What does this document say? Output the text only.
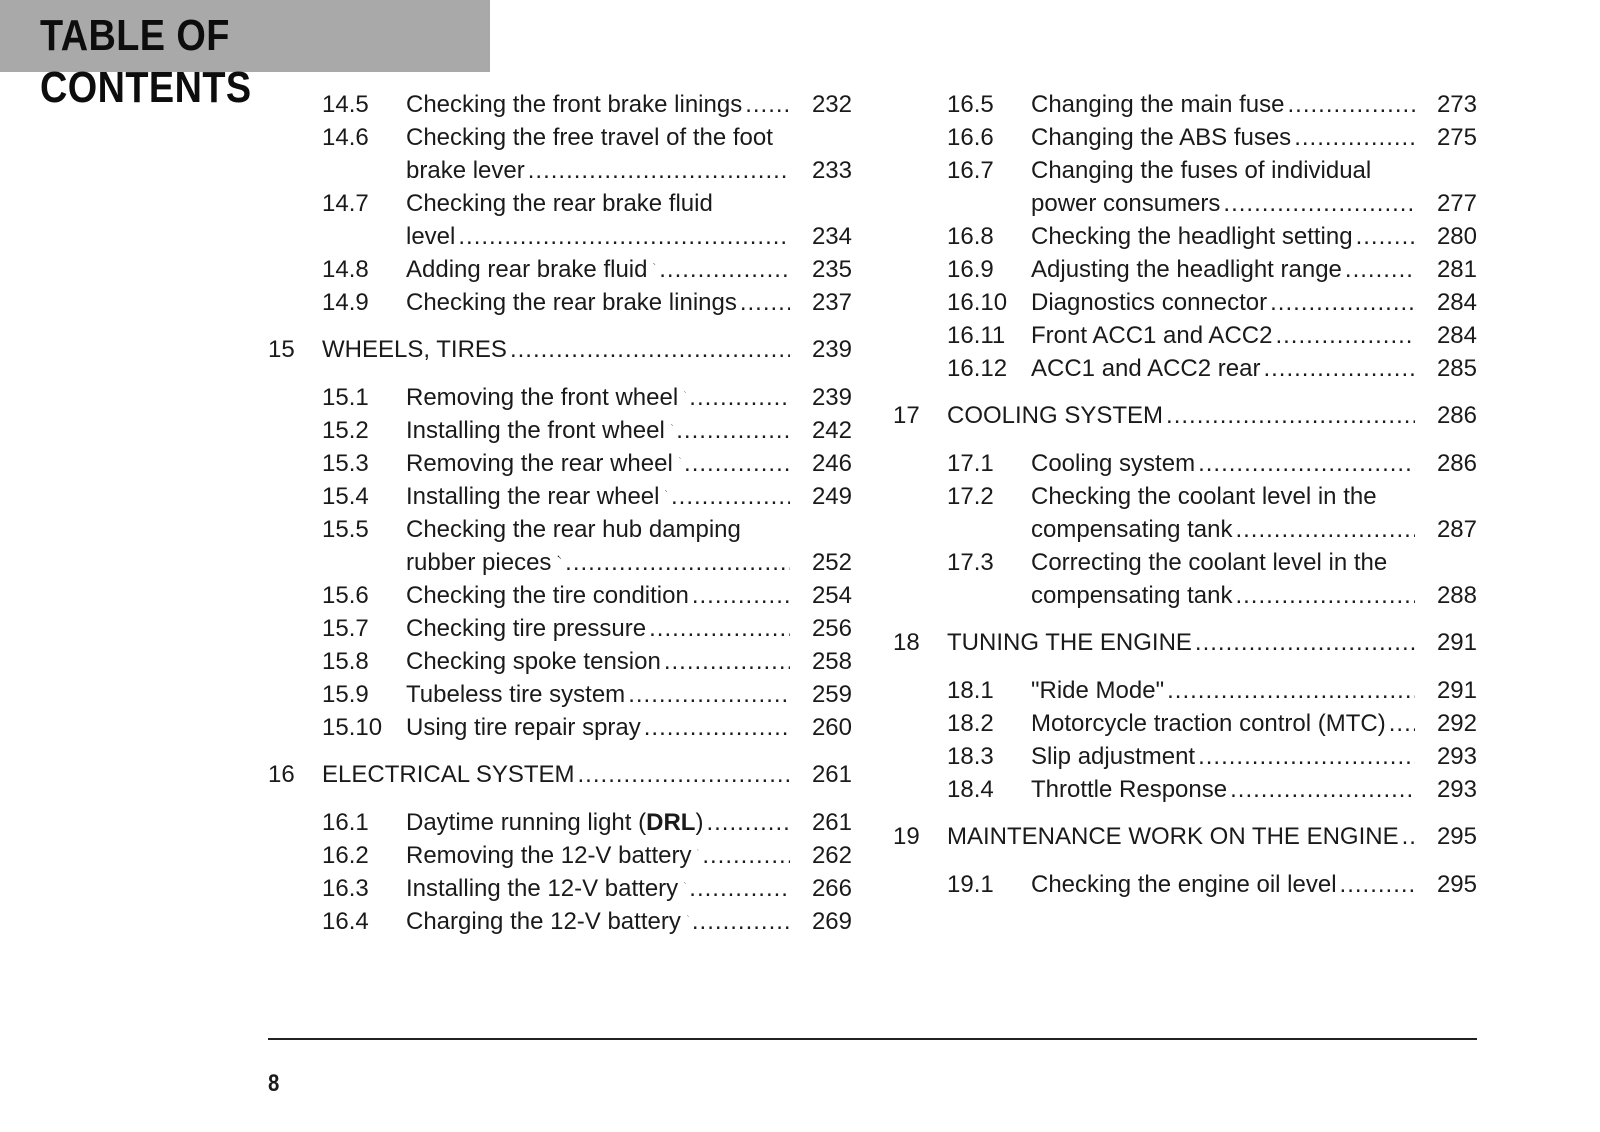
TABLE OF CONTENTS	14.5 Checking the front brake linings .....	232
14.6 Checking the free travel of the foot
brake lever .....	233
14.7 Checking the rear brake fluid
level .....	234
14.8 Adding rear brake fluid .....	235
14.9 Checking the rear brake linings .....	237
15 WHEELS, TIRES .....	239
15.1 Removing the front wheel .....	239
15.2 Installing the front wheel .....	242
15.3 Removing the rear wheel .....	246
15.4 Installing the rear wheel .....	249
15.5 Checking the rear hub damping
rubber pieces .....	252
15.6 Checking the tire condition .....	254
15.7 Checking tire pressure .....	256
15.8 Checking spoke tension .....	258
15.9 Tubeless tire system .....	259
15.10 Using tire repair spray .....	260
16 ELECTRICAL SYSTEM .....	261
16.1 Daytime running light ( DRL ) .....	261
16.2 Removing the 12-V battery .....	262
16.3 Installing the 12-V battery .....	266
16.4 Charging the 12-V battery .....	269
16.5 Changing the main fuse .....	273
16.6 Changing the ABS fuses .....	275
16.7 Changing the fuses of individual
power consumers .....	277
16.8 Checking the headlight setting .....	280
16.9 Adjusting the headlight range .....	281
16.10 Diagnostics connector .....	284
16.11 Front ACC1 and ACC2 .....	284
16.12 ACC1 and ACC2 rear .....	285
17 COOLING SYSTEM .....	286
17.1 Cooling system .....	286
17.2 Checking the coolant level in the
compensating tank .....	287
17.3 Correcting the coolant level in the
compensating tank .....	288
18 TUNING THE ENGINE .....	291
18.1 "Ride Mode" .....	291
18.2 Motorcycle traction control (MTC) .....	292
18.3 Slip adjustment .....	293
18.4 Throttle Response .....	293
19 MAINTENANCE WORK ON THE ENGINE .....	295
19.1 Checking the engine oil level .....	295
8
